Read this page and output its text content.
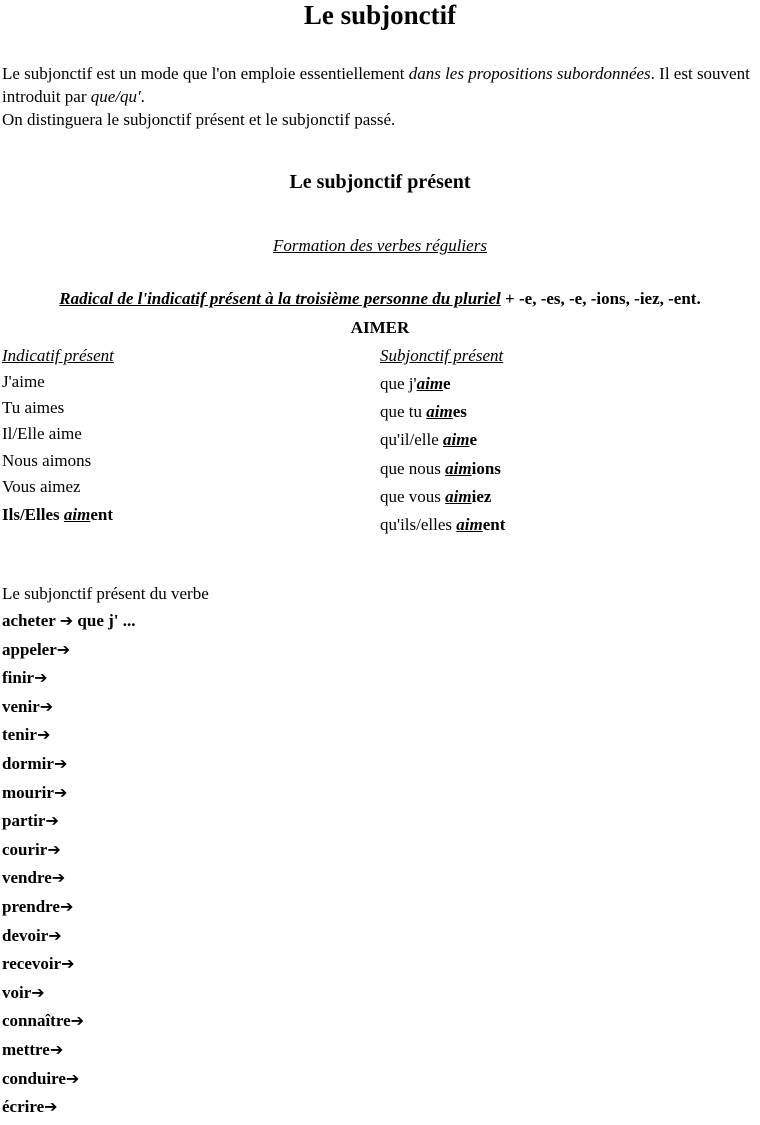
Le subjonctif

Le subjonctif est un mode que l'on emploie essentiellement dans les propositions subordonnées. Il est souvent introduit par que/qu'.

On distinguera le subjonctif présent et le subjonctif passé.

Le subjonctif présent
Formation des verbes réguliers
Radical de l'indicatif présent à la troisième personne du pluriel + -e, -es, -e, -ions, -iez, -ent.
AIMER
Indicatif présent
J'aime
Tu aimes
Il/Elle aime
Nous aimons
Vous aimez
Ils/Elles aiment
Subjonctif présent
que j'aime
que tu aimes
qu'il/elle aime
que nous aimions
que vous aimiez
qu'ils/elles aiment
Le subjonctif présent du verbe
acheter ➔ que j' ...
appeler➔
finir➔
venir➔
tenir➔
dormir➔
mourir➔
partir➔
courir➔
vendre➔
prendre➔
devoir➔
recevoir➔
voir➔
connaître➔
mettre➔
conduire➔
écrire➔
